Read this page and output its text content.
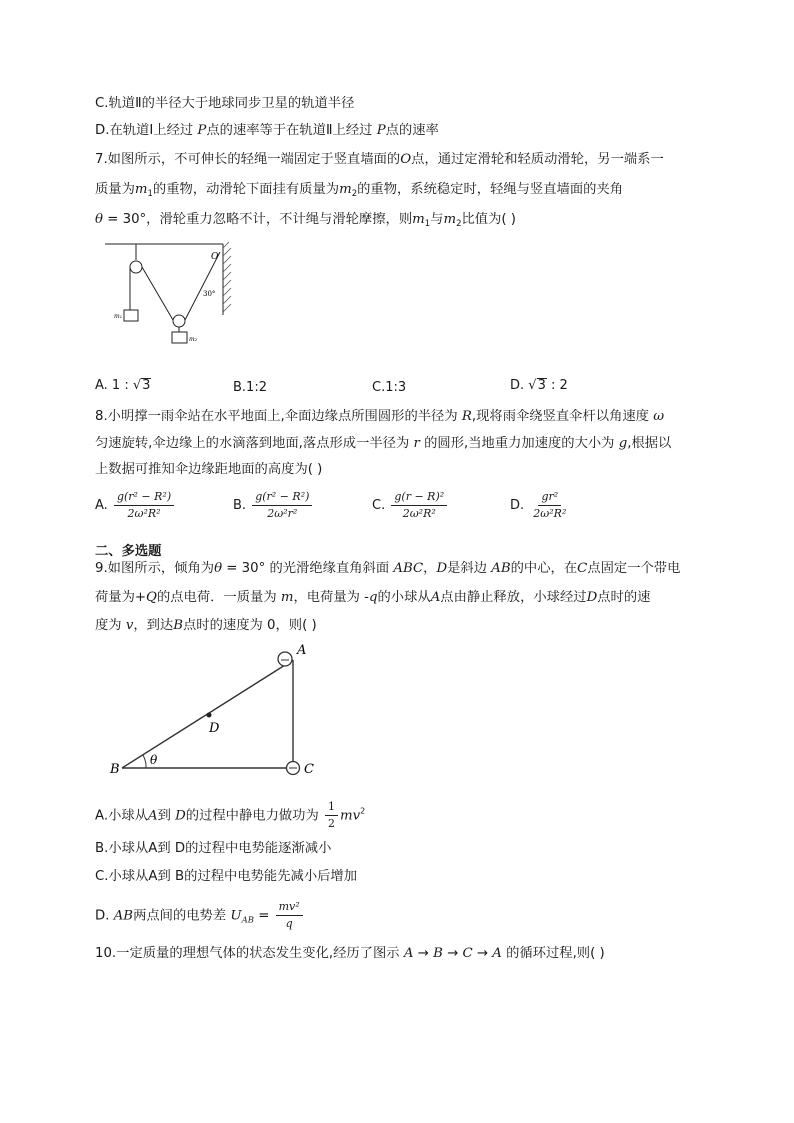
C.轨道Ⅱ的半径大于地球同步卫星的轨道半径
D.在轨道Ⅰ上经过 P点的速率等于在轨道Ⅱ上经过 P点的速率
7.如图所示，不可伸长的轻绳一端固定于竖直墙面的O点，通过定滑轮和轻质动滑轮，另一端系一
质量为$m_1$的重物，动滑轮下面挂有质量为$m_2$的重物，系统稳定时，轻绳与竖直墙面的夹角
θ = 30°，滑轮重力忽略不计，不计绳与滑轮摩擦，则$m_1$与$m_2$比值为( )
O
30°
m₁
m₂
A. 1 : √3	B.1:2	C.1:3	D. √3 : 2
8.小明撑一雨伞站在水平地面上,伞面边缘点所围圆形的半径为 R,现将雨伞绕竖直伞杆以角速度 ω
匀速旋转,伞边缘上的水滴落到地面,落点形成一半径为 r 的圆形,当地重力加速度的大小为 g,根据以
上数据可推知伞边缘距地面的高度为( )
A. $\frac{\text{g(r² − R²)}}{\text{2ω²R²}}$	B. $\frac{\text{g(r² − R²)}}{\text{2ω²r²}}$	C. $\frac{\text{g(r − R)²}}{\text{2ω²R²}}$	D. $\frac{\text{gr²}}{\text{2ω²R²}}$
二、多选题
9.如图所示，倾角为θ = 30° 的光滑绝缘直角斜面 ABC，D是斜边 AB的中心，在C点固定一个带电
荷量为+Q的点电荷．一质量为 m，电荷量为 -q的小球从A点由静止释放，小球经过D点时的速
度为 v，到达B点时的速度为 0，则( )
A
B	C
D
θ
A.小球从A到 D的过程中静电力做功为 $\frac{1}{2} mv^2$
B.小球从A到 D的过程中电势能逐渐减小
C.小球从A到 B的过程中电势能先减小后增加
D. AB两点间的电势差 $U_{AB} = \frac{\text{mv²}}{q}$
10.一定质量的理想气体的状态发生变化,经历了图示 A → B → C → A 的循环过程,则( )
